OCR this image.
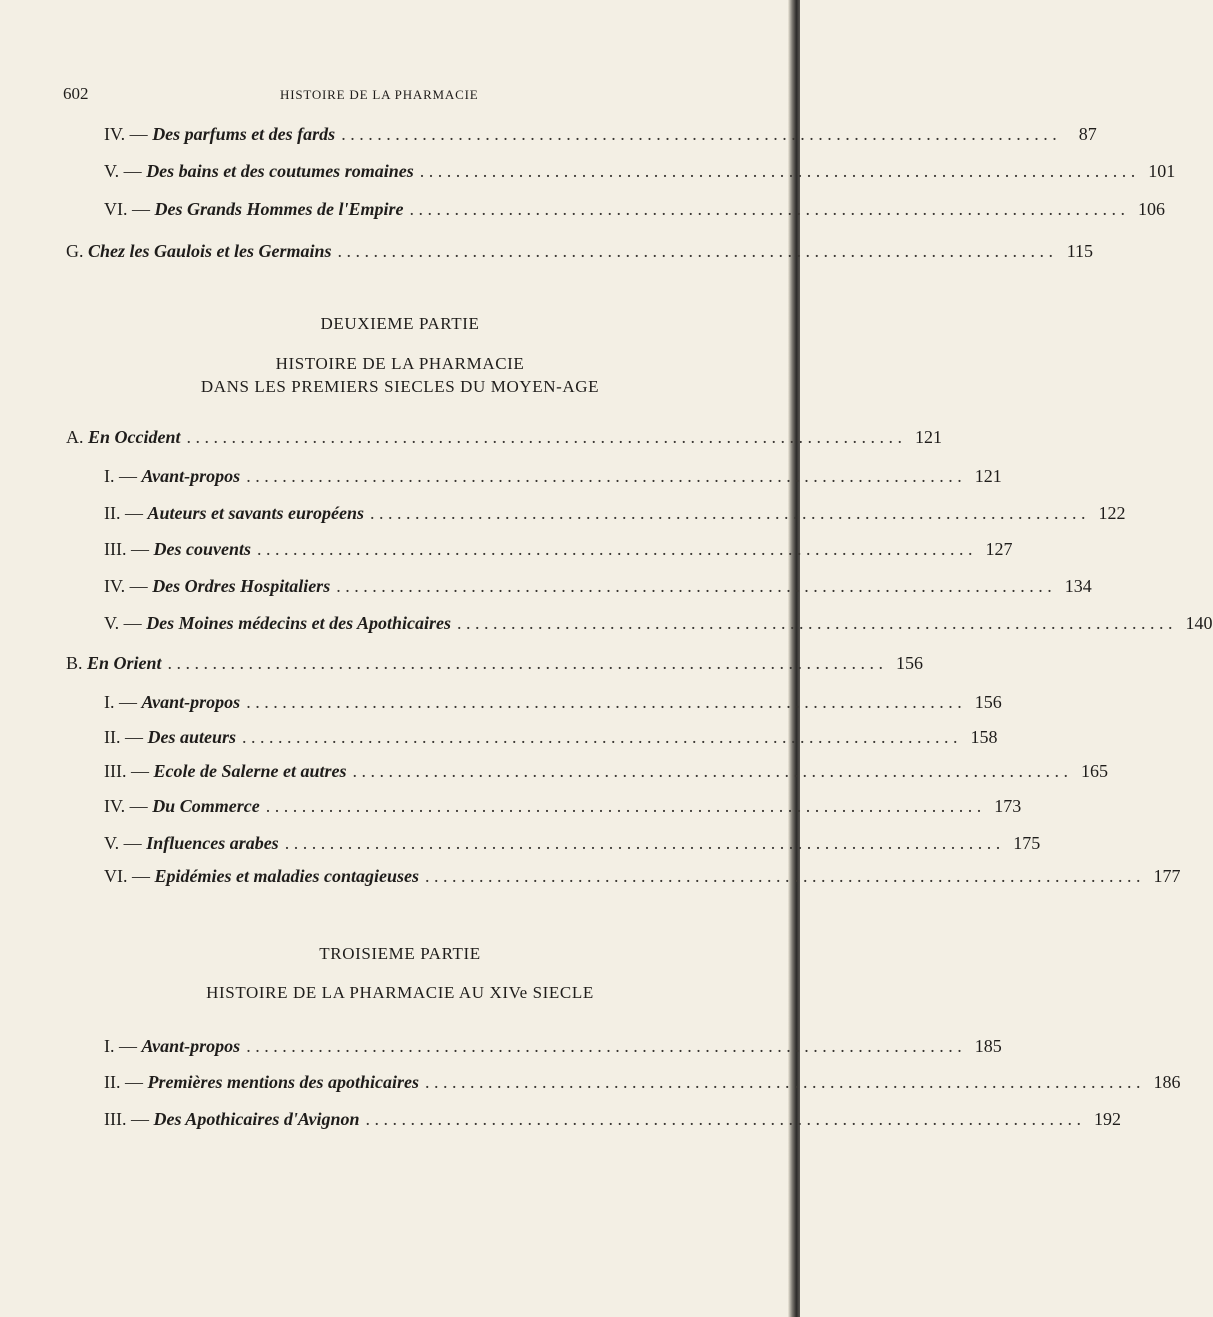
602	HISTOIRE DE LA PHARMACIE
IV. — Des parfums et des fards . . . . . . . . . . . . . . . . . . . . . . . . . . . . . . . . . . . . . . . . . . . . . . . . . . . . . . . . . . . . . . . . . . . . . . . . . . . . . . . .	87
V. — Des bains et des coutumes romaines . . . . . . . . . . . . . . . . . . . . . . . . . . . . . . . . . . . . . . . . . . . . . . . . . . . . . . . . . . . . . . . . . . . . . . . . . . . . . . . . 101
VI. — Des Grands Hommes de l'Empire . . . . . . . . . . . . . . . . . . . . . . . . . . . . . . . . . . . . . . . . . . . . . . . . . . . . . . . . . . . . . . . . . . . . . . . . . . . . . . . . 106
G. Chez les Gaulois et les Germains . . . . . . . . . . . . . . . . . . . . . . . . . . . . . . . . . . . . . . . . . . . . . . . . . . . . . . . . . . . . . . . . . . . . . . . . . . . . . . . . 115
DEUXIEME PARTIE
HISTOIRE DE LA PHARMACIE
DANS LES PREMIERS SIECLES DU MOYEN-AGE
A. En Occident . . . . . . . . . . . . . . . . . . . . . . . . . . . . . . . . . . . . . . . . . . . . . . . . . . . . . . . . . . . . . . . . . . . . . . . . . . . . . . . . 121
I. — Avant-propos . . . . . . . . . . . . . . . . . . . . . . . . . . . . . . . . . . . . . . . . . . . . . . . . . . . . . . . . . . . . . . . . . . . . . . . . . . . . . . . . 121
II. — Auteurs et savants européens . . . . . . . . . . . . . . . . . . . . . . . . . . . . . . . . . . . . . . . . . . . . . . . . . . . . . . . . . . . . . . . . . . . . . . . . . . . . . . . . 122
III. — Des couvents . . . . . . . . . . . . . . . . . . . . . . . . . . . . . . . . . . . . . . . . . . . . . . . . . . . . . . . . . . . . . . . . . . . . . . . . . . . . . . . . 127
IV. — Des Ordres Hospitaliers . . . . . . . . . . . . . . . . . . . . . . . . . . . . . . . . . . . . . . . . . . . . . . . . . . . . . . . . . . . . . . . . . . . . . . . . . . . . . . . . 134
V. — Des Moines médecins et des Apothicaires . . . . . . . . . . . . . . . . . . . . . . . . . . . . . . . . . . . . . . . . . . . . . . . . . . . . . . . . . . . . . . . . . . . . . . . . . . . . . . . . 140
B. En Orient . . . . . . . . . . . . . . . . . . . . . . . . . . . . . . . . . . . . . . . . . . . . . . . . . . . . . . . . . . . . . . . . . . . . . . . . . . . . . . . . 156
I. — Avant-propos . . . . . . . . . . . . . . . . . . . . . . . . . . . . . . . . . . . . . . . . . . . . . . . . . . . . . . . . . . . . . . . . . . . . . . . . . . . . . . . . 156
II. — Des auteurs . . . . . . . . . . . . . . . . . . . . . . . . . . . . . . . . . . . . . . . . . . . . . . . . . . . . . . . . . . . . . . . . . . . . . . . . . . . . . . . . 158
III. — Ecole de Salerne et autres . . . . . . . . . . . . . . . . . . . . . . . . . . . . . . . . . . . . . . . . . . . . . . . . . . . . . . . . . . . . . . . . . . . . . . . . . . . . . . . . 165
IV. — Du Commerce . . . . . . . . . . . . . . . . . . . . . . . . . . . . . . . . . . . . . . . . . . . . . . . . . . . . . . . . . . . . . . . . . . . . . . . . . . . . . . . . 173
V. — Influences arabes . . . . . . . . . . . . . . . . . . . . . . . . . . . . . . . . . . . . . . . . . . . . . . . . . . . . . . . . . . . . . . . . . . . . . . . . . . . . . . . . 175
VI. — Epidémies et maladies contagieuses . . . . . . . . . . . . . . . . . . . . . . . . . . . . . . . . . . . . . . . . . . . . . . . . . . . . . . . . . . . . . . . . . . . . . . . . . . . . . . . . 177
TROISIEME PARTIE
HISTOIRE DE LA PHARMACIE AU XIVe SIECLE
I. — Avant-propos . . . . . . . . . . . . . . . . . . . . . . . . . . . . . . . . . . . . . . . . . . . . . . . . . . . . . . . . . . . . . . . . . . . . . . . . . . . . . . . . 185
II. — Premières mentions des apothicaires . . . . . . . . . . . . . . . . . . . . . . . . . . . . . . . . . . . . . . . . . . . . . . . . . . . . . . . . . . . . . . . . . . . . . . . . . . . . . . . . 186
III. — Des Apothicaires d'Avignon . . . . . . . . . . . . . . . . . . . . . . . . . . . . . . . . . . . . . . . . . . . . . . . . . . . . . . . . . . . . . . . . . . . . . . . . . . . . . . . . 192
